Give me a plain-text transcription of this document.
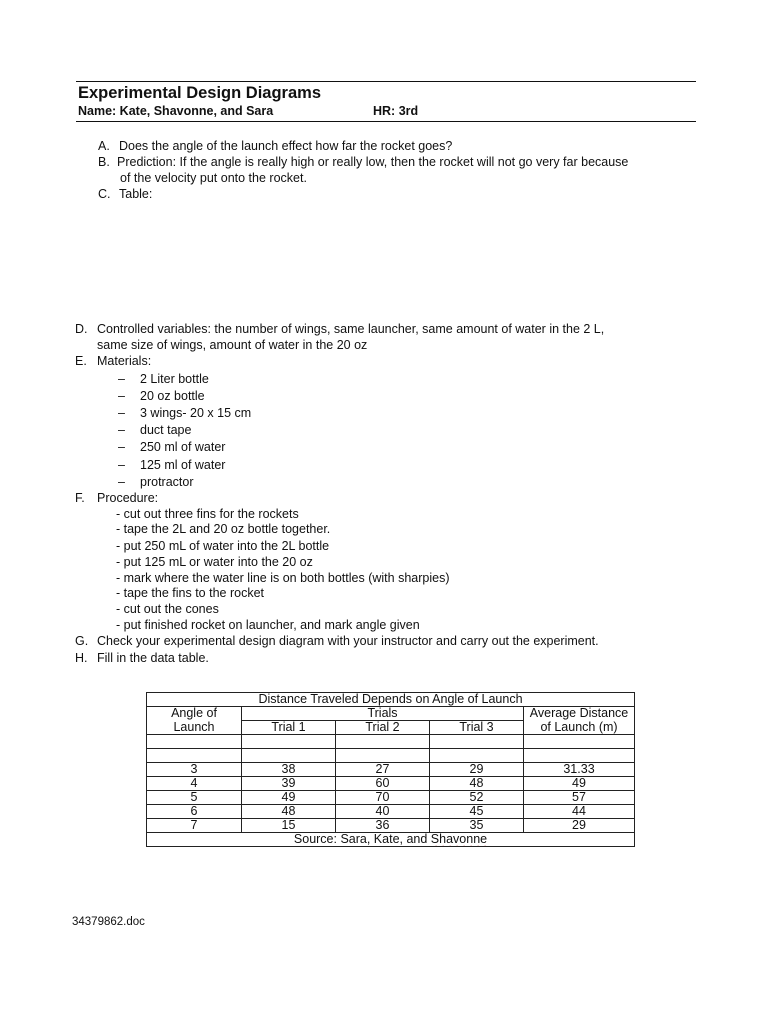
Experimental Design Diagrams
Name: Kate, Shavonne, and Sara	HR: 3rd
A. Does the angle of the launch effect how far the rocket goes?
B. Prediction: If the angle is really high or really low, then the rocket will not go very far because
of the velocity put onto the rocket.
C. Table:
D. Controlled variables: the number of wings, same launcher, same amount of water in the 2 L,
same size of wings, amount of water in the 20 oz
E. Materials:
– 2 Liter bottle
– 20 oz bottle
– 3 wings- 20 x 15 cm
– duct tape
– 250 ml of water
– 125 ml of water
– protractor
F. Procedure:
- cut out three fins for the rockets
- tape the 2L and 20 oz bottle together.
- put 250 mL of water into the 2L bottle
- put 125 mL or water into the 20 oz
- mark where the water line is on both bottles (with sharpies)
- tape the fins to the rocket
- cut out the cones
- put finished rocket on launcher, and mark angle given
G. Check your experimental design diagram with your instructor and carry out the experiment.
H. Fill in the data table.
Distance Traveled Depends on Angle of Launch				
Angle of	Trials			Average Distance
Launch	Trial 1	Trial 2	Trial 3	of Launch (m)

3	38	27	29	31.33
4	39	60	48	49
5	49	70	52	57
6	48	40	45	44
7	15	36	35	29
Source: Sara, Kate, and Shavonne				
34379862.doc
